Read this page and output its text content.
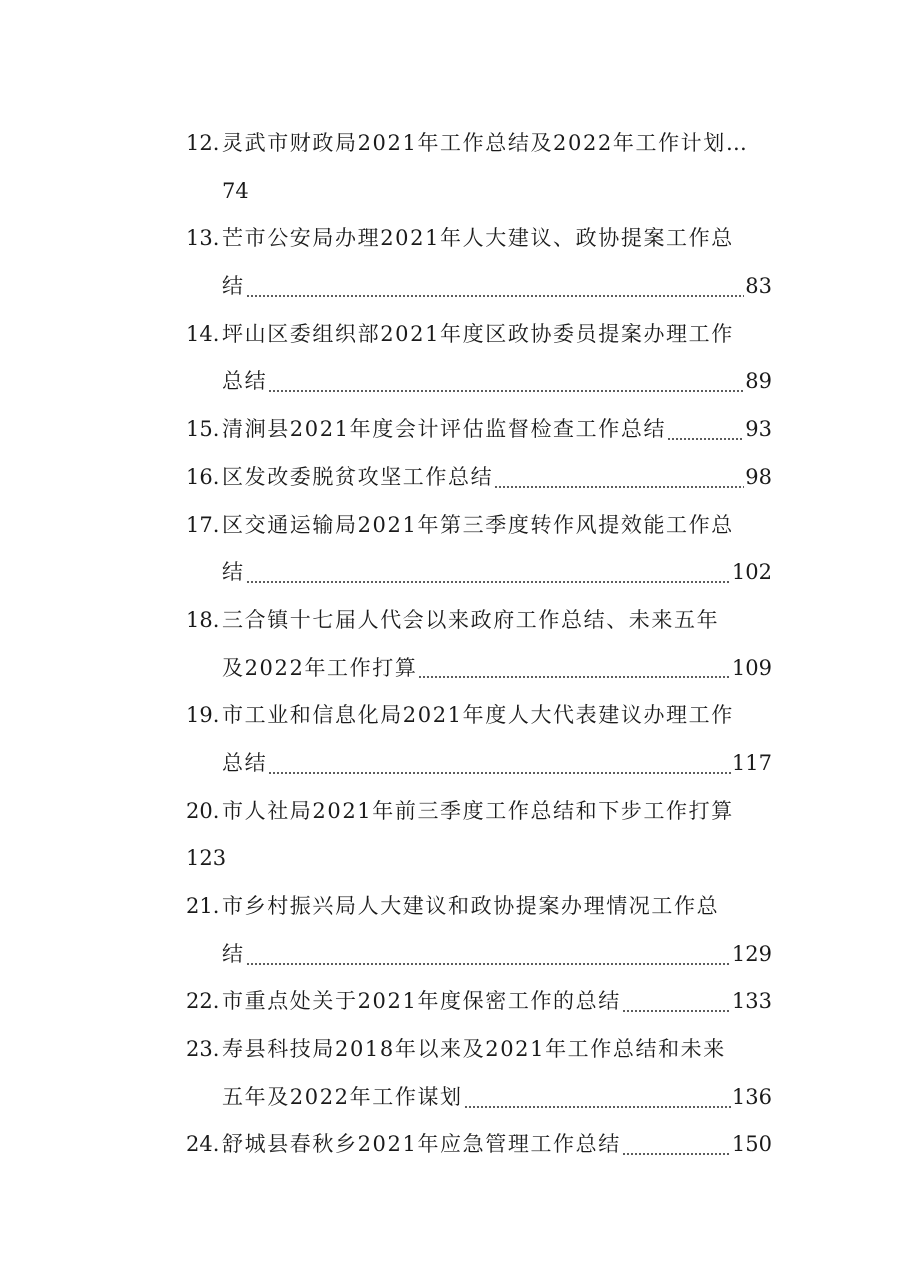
12. 灵武市财政局2021年工作总结及2022年工作计划…
74
13. 芒市公安局办理2021年人大建议、政协提案工作总
结	83
14. 坪山区委组织部2021年度区政协委员提案办理工作
总结	89
15. 清涧县2021年度会计评估监督检查工作总结	93
16. 区发改委脱贫攻坚工作总结	98
17. 区交通运输局2021年第三季度转作风提效能工作总
结	102
18. 三合镇十七届人代会以来政府工作总结、未来五年
及2022年工作打算	109
19. 市工业和信息化局2021年度人大代表建议办理工作
总结	117
20. 市人社局2021年前三季度工作总结和下步工作打算
123
21. 市乡村振兴局人大建议和政协提案办理情况工作总
结	129
22. 市重点处关于2021年度保密工作的总结	133
23. 寿县科技局2018年以来及2021年工作总结和未来
五年及2022年工作谋划	136
24. 舒城县春秋乡2021年应急管理工作总结	150
